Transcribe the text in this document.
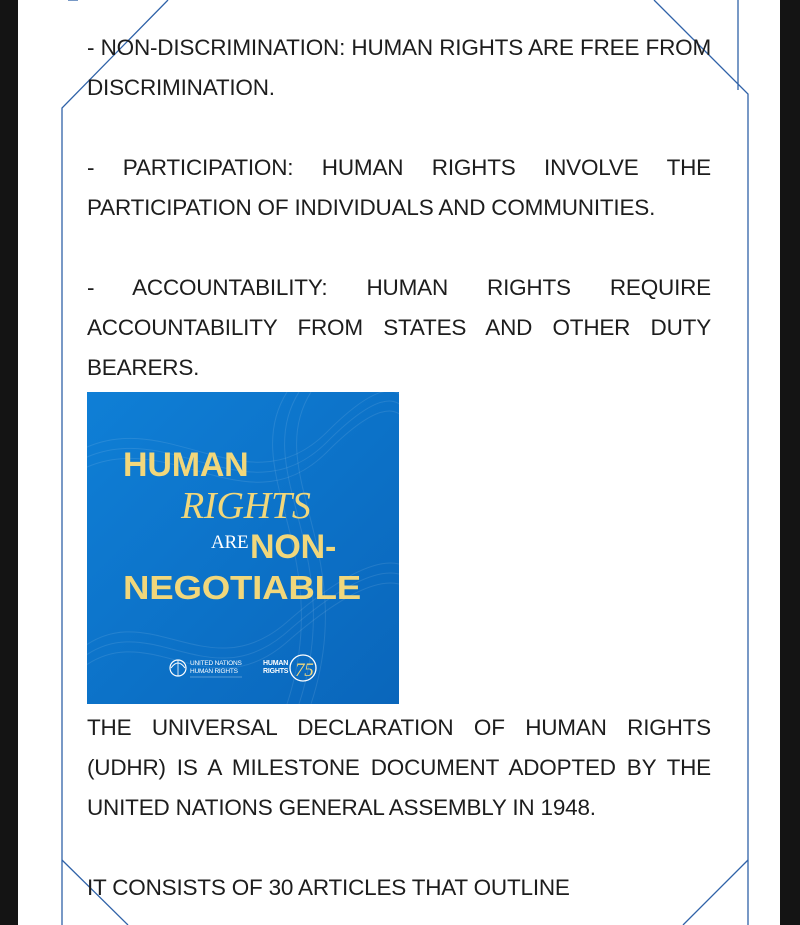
- NON-DISCRIMINATION: HUMAN RIGHTS ARE FREE FROM DISCRIMINATION.

- PARTICIPATION: HUMAN RIGHTS INVOLVE THE PARTICIPATION OF INDIVIDUALS AND COMMUNITIES.

- ACCOUNTABILITY: HUMAN RIGHTS REQUIRE ACCOUNTABILITY FROM STATES AND OTHER DUTY BEARERS.

HUMAN
RIGHTS
ARE NON-
NEGOTIABLE
UNITED NATIONS
HUMAN RIGHTS
HUMAN
RIGHTS 75

THE UNIVERSAL DECLARATION OF HUMAN RIGHTS (UDHR) IS A MILESTONE DOCUMENT ADOPTED BY THE UNITED NATIONS GENERAL ASSEMBLY IN 1948.

IT CONSISTS OF 30 ARTICLES THAT OUTLINE
